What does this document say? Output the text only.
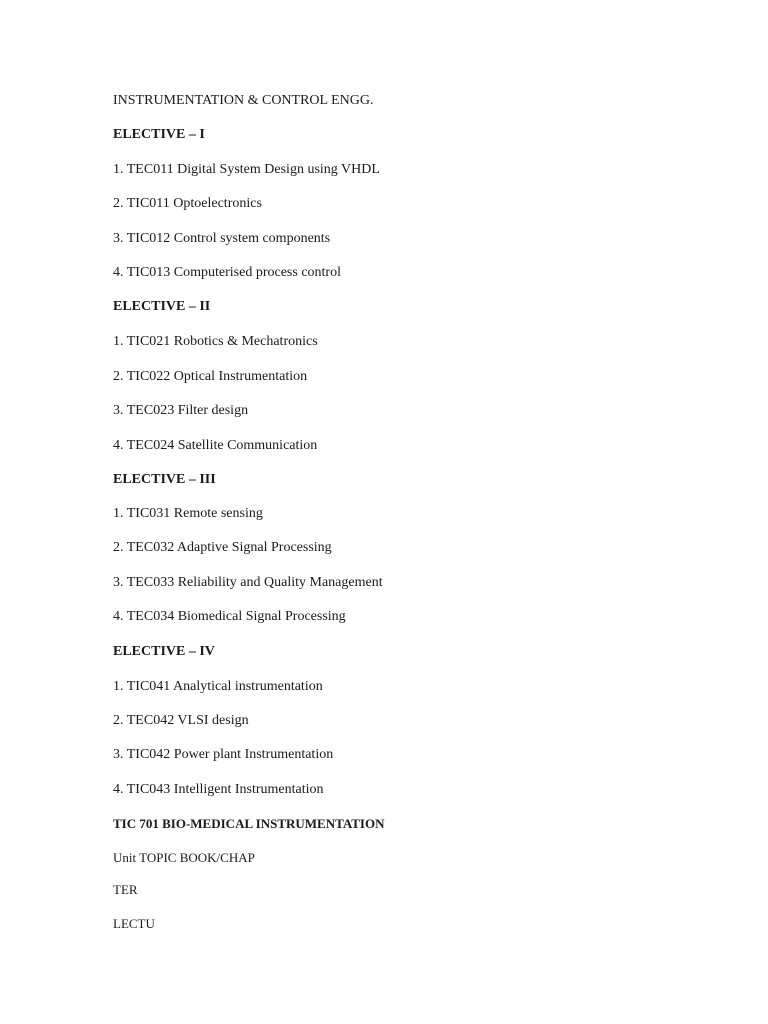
INSTRUMENTATION & CONTROL ENGG.
ELECTIVE – I
1. TEC011 Digital System Design using VHDL
2. TIC011 Optoelectronics
3. TIC012 Control system components
4. TIC013 Computerised process control
ELECTIVE – II
1. TIC021 Robotics & Mechatronics
2. TIC022 Optical Instrumentation
3. TEC023 Filter design
4. TEC024 Satellite Communication
ELECTIVE – III
1. TIC031 Remote sensing
2. TEC032 Adaptive Signal Processing
3. TEC033 Reliability and Quality Management
4. TEC034 Biomedical Signal Processing
ELECTIVE – IV
1. TIC041 Analytical instrumentation
2. TEC042 VLSI design
3. TIC042 Power plant Instrumentation
4. TIC043 Intelligent Instrumentation
TIC 701 BIO-MEDICAL INSTRUMENTATION
Unit TOPIC BOOK/CHAP
TER
LECTU
